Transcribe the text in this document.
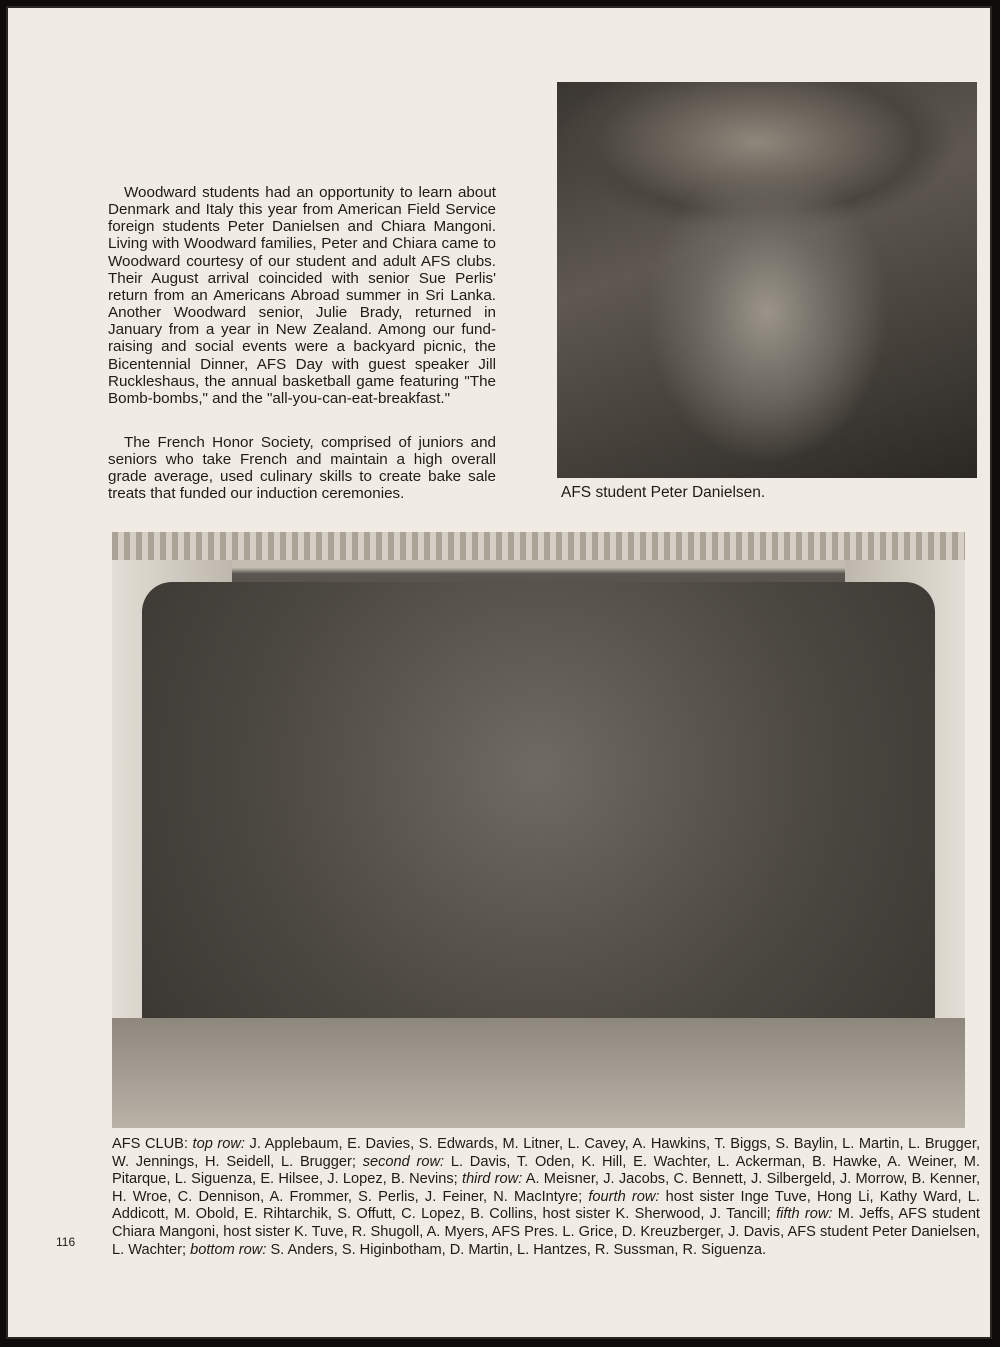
Woodward students had an opportunity to learn about Denmark and Italy this year from American Field Service foreign students Peter Danielsen and Chiara Mangoni. Living with Woodward families, Peter and Chiara came to Woodward courtesy of our student and adult AFS clubs. Their August arrival coincided with senior Sue Perlis' return from an Americans Abroad summer in Sri Lanka. Another Woodward senior, Julie Brady, returned in January from a year in New Zealand. Among our fund-raising and social events were a backyard picnic, the Bicentennial Dinner, AFS Day with guest speaker Jill Ruckleshaus, the annual basketball game featuring "The Bomb-bombs," and the "all-you-can-eat-breakfast."

The French Honor Society, comprised of juniors and seniors who take French and maintain a high overall grade average, used culinary skills to create bake sale treats that funded our induction ceremonies.	AFS student Peter Danielsen.

AFS CLUB: top row: J. Applebaum, E. Davies, S. Edwards, M. Litner, L. Cavey, A. Hawkins, T. Biggs, S. Baylin, L. Martin, L. Brugger, W. Jennings, H. Seidell, L. Brugger; second row: L. Davis, T. Oden, K. Hill, E. Wachter, L. Ackerman, B. Hawke, A. Weiner, M. Pitarque, L. Siguenza, E. Hilsee, J. Lopez, B. Nevins; third row: A. Meisner, J. Jacobs, C. Bennett, J. Silbergeld, J. Morrow, B. Kenner, H. Wroe, C. Dennison, A. Frommer, S. Perlis, J. Feiner, N. MacIntyre; fourth row: host sister Inge Tuve, Hong Li, Kathy Ward, L. Addicott, M. Obold, E. Rihtarchik, S. Offutt, C. Lopez, B. Collins, host sister K. Sherwood, J. Tancill; fifth row: M. Jeffs, AFS student Chiara Mangoni, host sister K. Tuve, R. Shugoll, A. Myers, AFS Pres. L. Grice, D. Kreuzberger, J. Davis, AFS student Peter Danielsen, L. Wachter; bottom row: S. Anders, S. Higinbotham, D. Martin, L. Hantzes, R. Sussman, R. Siguenza.

116
